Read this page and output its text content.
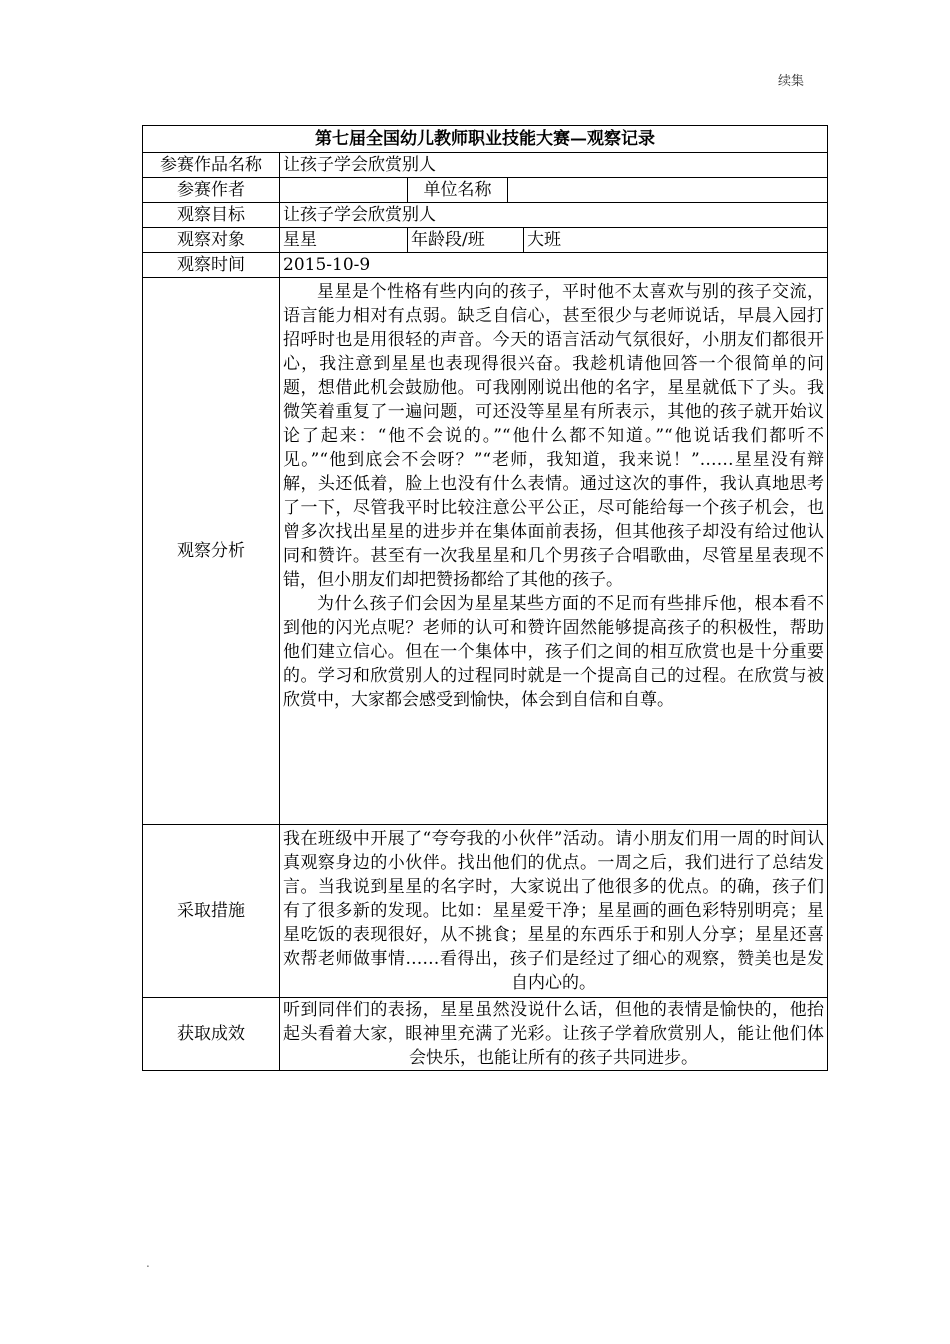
续集
第七届全国幼儿教师职业技能大赛—观察记录				
参赛作品名称	让孩子学会欣赏别人			
参赛作者		单位名称		
观察目标	让孩子学会欣赏别人			
观察对象	星星	年龄段/班		大班
观察时间	2015-10-9			
观察分析	星星是个性格有些内向的孩子，平时他不太喜欢与别的孩子交流，语言能力相对有点弱。缺乏自信心，甚至很少与老师说话，早晨入园打招呼时也是用很轻的声音。今天的语言活动气氛很好，小朋友们都很开心，我注意到星星也表现得很兴奋。我趁机请他回答一个很简单的问题，想借此机会鼓励他。可我刚刚说出他的名字，星星就低下了头。我微笑着重复了一遍问题，可还没等星星有所表示，其他的孩子就开始议论了起来：“他不会说的。”“他什么都不知道。”“他说话我们都听不见。”“他到底会不会呀？”“老师，我知道，我来说！”……星星没有辩解，头还低着，脸上也没有什么表情。通过这次的事件，我认真地思考了一下，尽管我平时比较注意公平公正，尽可能给每一个孩子机会，也曾多次找出星星的进步并在集体面前表扬，但其他孩子却没有给过他认同和赞许。甚至有一次我星星和几个男孩子合唱歌曲，尽管星星表现不错，但小朋友们却把赞扬都给了其他的孩子。

为什么孩子们会因为星星某些方面的不足而有些排斥他，根本看不到他的闪光点呢？老师的认可和赞许固然能够提高孩子的积极性，帮助他们建立信心。但在一个集体中，孩子们之间的相互欣赏也是十分重要的。学习和欣赏别人的过程同时就是一个提高自己的过程。在欣赏与被欣赏中，大家都会感受到愉快，体会到自信和自尊。			

采取措施	我在班级中开展了“夸夸我的小伙伴”活动。请小朋友们用一周的时间认真观察身边的小伙伴。找出他们的优点。一周之后，我们进行了总结发言。当我说到星星的名字时，大家说出了他很多的优点。的确，孩子们有了很多新的发现。比如：星星爱干净；星星画的画色彩特别明亮；星星吃饭的表现很好，从不挑食；星星的东西乐于和别人分享；星星还喜欢帮老师做事情……看得出，孩子们是经过了细心的观察，赞美也是发自内心的。			

获取成效	听到同伴们的表扬，星星虽然没说什么话，但他的表情是愉快的，他抬起头看着大家，眼神里充满了光彩。让孩子学着欣赏别人，能让他们体会快乐，也能让所有的孩子共同进步。			

.
